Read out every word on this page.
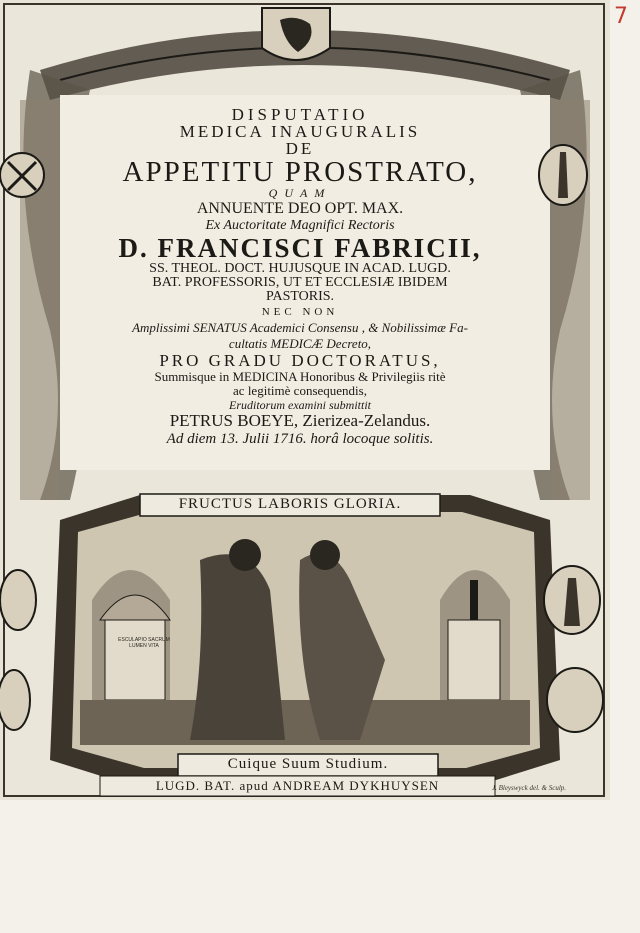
7
DISPUTATIO
MEDICA INAUGURALIS
DE
APPETITU PROSTRATO,
QUAM
ANNUENTE DEO OPT. MAX.
Ex Auctoritate Magnifici Rectoris
D. FRANCISCI FABRICII,
SS. THEOL. DOCT. HUJUSQUE IN ACAD. LUGD.
BAT. PROFESSORIS, UT ET ECCLESIÆ IBIDEM
PASTORIS.
NEC NON
Amplissimi SENATUS Academici Consensu , & Nobilissimæ Fa-
cultatis MEDICÆ Decreto,
PRO GRADU DOCTORATUS,
Summisque in MEDICINA Honoribus & Privilegiis ritè
ac legitimè consequendis,
Eruditorum examini submittit
PETRUS BOEYE, Zierizea-Zelandus.
Ad diem 13. Julii 1716. horâ locoque solitis.
FRUCTUS LABORIS GLORIA.
ESCULAPIO SACRUM LUMEN VITA
Cuique Suum Studium.
LUGD. BAT. apud ANDREAM DYKHUYSEN	J. Bleyswyck del. & Sculp.
